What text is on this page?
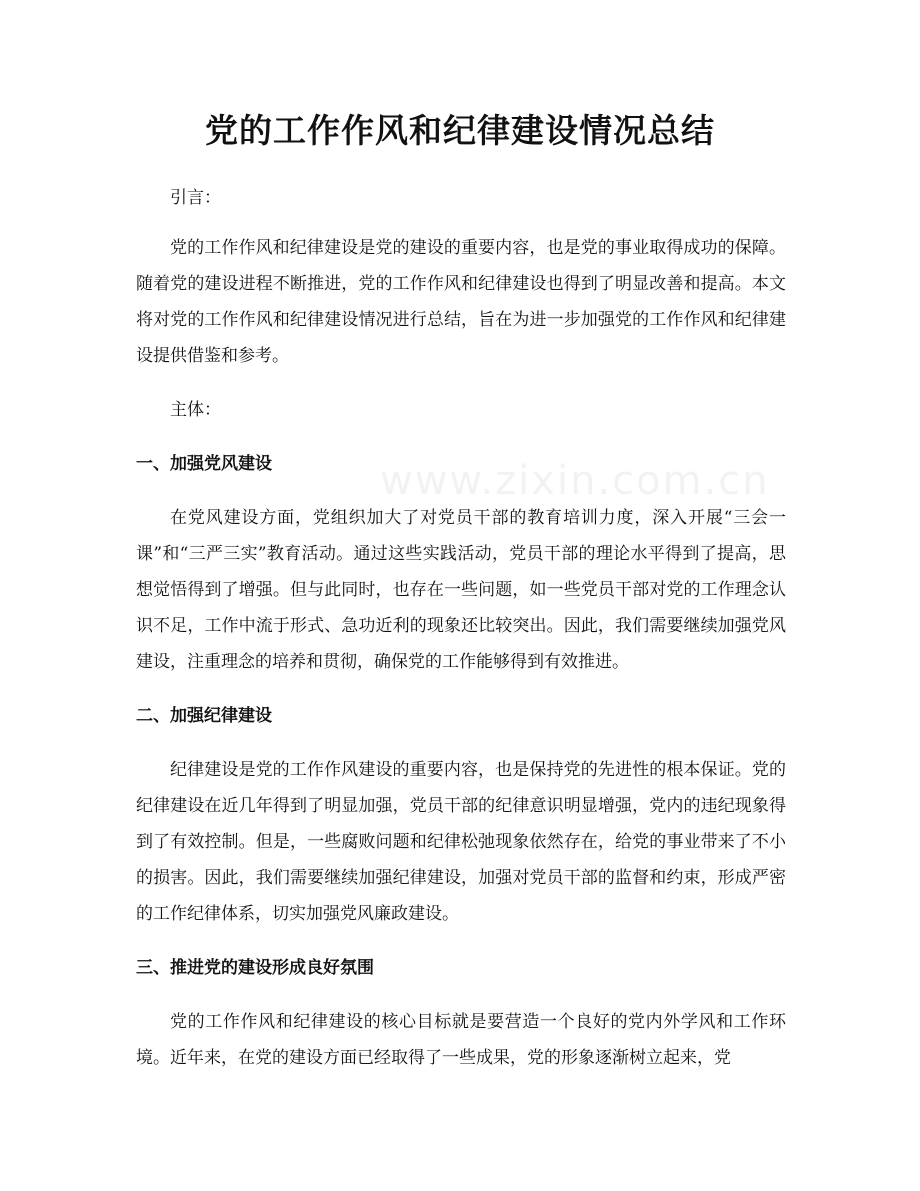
www.zixin.com.cn
党的工作作风和纪律建设情况总结

引言：

党的工作作风和纪律建设是党的建设的重要内容，也是党的事业取得成功的保障。随着党的建设进程不断推进，党的工作作风和纪律建设也得到了明显改善和提高。本文将对党的工作作风和纪律建设情况进行总结，旨在为进一步加强党的工作作风和纪律建设提供借鉴和参考。

主体：

一、加强党风建设

在党风建设方面，党组织加大了对党员干部的教育培训力度，深入开展“三会一课”和“三严三实”教育活动。通过这些实践活动，党员干部的理论水平得到了提高，思想觉悟得到了增强。但与此同时，也存在一些问题，如一些党员干部对党的工作理念认识不足，工作中流于形式、急功近利的现象还比较突出。因此，我们需要继续加强党风建设，注重理念的培养和贯彻，确保党的工作能够得到有效推进。

二、加强纪律建设

纪律建设是党的工作作风建设的重要内容，也是保持党的先进性的根本保证。党的纪律建设在近几年得到了明显加强，党员干部的纪律意识明显增强，党内的违纪现象得到了有效控制。但是，一些腐败问题和纪律松弛现象依然存在，给党的事业带来了不小的损害。因此，我们需要继续加强纪律建设，加强对党员干部的监督和约束，形成严密的工作纪律体系，切实加强党风廉政建设。

三、推进党的建设形成良好氛围

党的工作作风和纪律建设的核心目标就是要营造一个良好的党内外学风和工作环境。近年来，在党的建设方面已经取得了一些成果，党的形象逐渐树立起来，党
